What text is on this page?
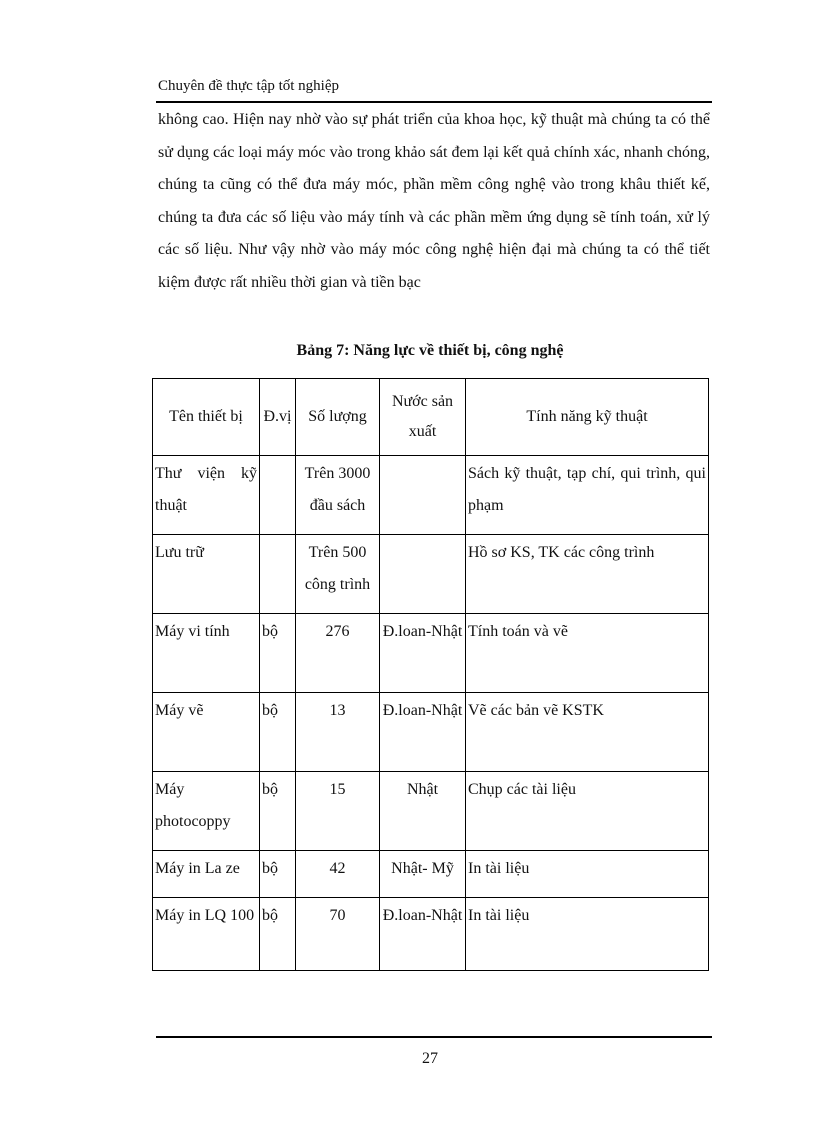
Chuyên đề thực tập tốt nghiệp

không cao. Hiện nay nhờ vào sự phát triển của khoa học, kỹ thuật mà chúng ta có thể sử dụng các loại máy móc vào trong khảo sát đem lại kết quả chính xác, nhanh chóng, chúng ta cũng có thể đưa máy móc, phần mềm công nghệ vào trong khâu thiết kế, chúng ta đưa các số liệu vào máy tính và các phần mềm ứng dụng sẽ tính toán, xử lý các số liệu. Như vậy nhờ vào máy móc công nghệ hiện đại mà chúng ta có thể tiết kiệm được rất nhiều thời gian và tiền bạc

Bảng 7: Năng lực về thiết bị, công nghệ
Tên thiết bị	Đ.vị	Số lượng	Nước sản xuất	Tính năng kỹ thuật
Thư viện kỹ thuật		Trên 3000 đầu sách		Sách kỹ thuật, tạp chí, qui trình, qui phạm
Lưu trữ		Trên 500 công trình		Hồ sơ KS, TK các công trình
Máy vi tính	bộ	276	Đ.loan-Nhật	Tính toán và vẽ
Máy vẽ	bộ	13	Đ.loan-Nhật	Vẽ các bản vẽ KSTK
Máy photocoppy	bộ	15	Nhật	Chụp các tài liệu
Máy in La ze	bộ	42	Nhật- Mỹ	In tài liệu
Máy in LQ 100	bộ	70	Đ.loan-Nhật	In tài liệu
27
